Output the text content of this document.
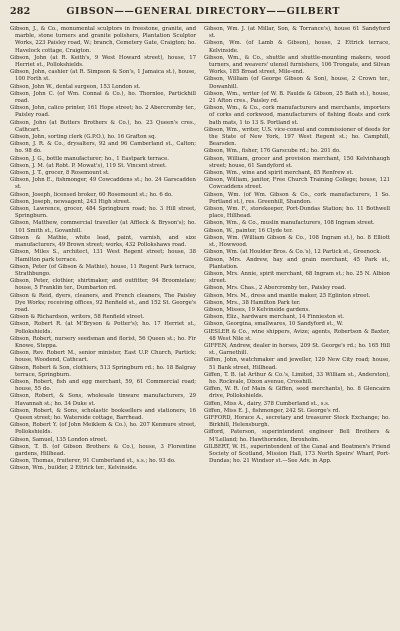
282	GIBSON——GENERAL DIRECTORY——GILBERT
Gibson, J., & Co., monumental sculptors in freestone, granite, and marble, stone turners and granite polishers, Plantation Sculptor Works, 223 Paisley road, W.; branch, Cemetery Gate, Craigton; ho. Havelock cottage, Craigton.
Gibson, John (at R. Keith's, 9 West Howard street), house, 17 Herriet st., Pollokshields.
Gibson, John, cashier (at R. Simpson & Son's, 1 Jamaica st.), house, 100 Forth st.
Gibson, John W., dental surgeon, 153 London st.
Gibson, John C. (of Wm. Connal & Co.), ho. Thornlee, Partickhill road.
Gibson, John, calico printer, 161 Hope street; ho. 2 Abercromby ter., Paisley road.
Gibson, John (at Butters Brothers & Co.), ho. 23 Queen's cres., Cathcart.
Gibson, John, sorting clerk (G.P.O.), ho. 16 Grafton sq.
Gibson, J. R. & Co., drysalters, 92 and 96 Camberland st., Calton; ho. 98 do.
Gibson, J. G., bottle manufacturer; ho., 1 Eastpark terrace.
Gibson, J. M. (at Robt. P. Mowat's), 119 St. Vincent street.
Gibson, J. T., grocer, 8 Rosemount st.
Gibson, John E., fishmonger, 49 Cowcaddens st.; ho. 24 Garscadden st.
Gibson, Joseph, licensed broker, 60 Rosemount st.; ho. 6 do.
Gibson, Joseph, newsagent, 243 High street.
Gibson, Lawrence, grocer, 484 Springburn road; ho. 3 Hill street, Springburn.
Gibson, Matthew, commercial traveller (at Affleck & Bryson's); ho. 101 Smith st., Govanhill.
Gibson & Mathie, white lead, paint, varnish, and size manufacturers, 49 Brown street; works, 432 Pollokshaws road.
Gibson, Miles S., architect, 131 West Regent street; house, 38 Hamilton park terrace.
Gibson, Peter (of Gibson & Mathie), house, 11 Regent Park terrace, Strathbungo.
Gibson, Peter, clothier, shirtmaker, and outfitter, 94 Broomielaw; house, 5 Franklin ter., Dumbarton rd.
Gibson & Reid, dyers, cleaners, and French cleaners, The Paisley Dye Works; receiving offices, 92 Renfield st., and 152 St. George's road.
Gibson & Richardson, writers, 58 Renfield street.
Gibson, Robert R. (at M'Bryson & Potter's); ho. 17 Herriet st., Pollokshields.
Gibson, Robert, nursery seedsman and florist, 56 Queen st.; ho. Fir Knowe, Steppa.
Gibson, Rev. Robert M., senior minister, East U.P. Church, Partick; house, Woodend, Cathcart.
Gibson, Robert & Son, clothiers, 513 Springburn rd.; ho. 18 Balgray terrace, Springburn.
Gibson, Robert, fish and egg merchant, 59, 61 Commercial road; house, 55 do.
Gibson, Robert, & Sons, wholesale tinware manufacturers, 29 Havannah st.; ho. 34 Duke st.
Gibson, Robert, & Sons, scholastic booksellers and stationers, 16 Queen street; ho. Waterside cottage, Barrhead.
Gibson, Robert Y. (of John Meiklem & Co.), ho. 207 Kenmure street, Pollokshields.
Gibson, Samuel, 135 London street.
Gibson, T. B. (of Gibson Brothers & Co.), house, 3 Florentine gardens, Hillhead.
Gibson, Thomas, fruiterer, 91 Cumberland st., s.s.; ho. 93 do.
Gibson, Wm., builder, 2 Ettrick ter., Kelvinside.
Gibson, Wm. J. (at Millar, Son, & Torrance's), house 61 Sandyford st.
Gibson, Wm. (of Lamb & Gibson), house, 2 Ettrick terrace, Kelvinside.
Gibson, Wm., & Co., shuttle and shuttle-mounting makers, wood turners, and weavers' utensil furnishers, 106 Trongate, and Silvan Works, 185 Broad street, Mile-end.
Gibson, William (of George Gibson & Son), house, 2 Crown ter., Dowanhill.
Gibson, Wm., writer (of W. B. Faulds & Gibson, 25 Bath st.), house, 21 Afton cres., Paisley rd.
Gibson, Wm., & Co., cork manufacturers and merchants, importers of corks and corkwood, manufacturers of fishing floats and cork bath mats, 1 to 13 S. Portland st.
Gibson, Wm., writer, U.S. vice-consul and commissioner of deeds for the State of New York, 197 West Regent st.; ho. Camphill, Bearsden.
Gibson, Wm., fisher, 176 Garscube rd.; ho. 201 do.
Gibson, William, grocer and provision merchant, 150 Kelvinhaugh street; house, 61 Sandyford st.
Gibson, Wm., wine and spirit merchant, 85 Renfrew st.
Gibson, William, janitor, Free Church Training College; house, 121 Cowcaddens street.
Gibson, Wm. (of Wm. Gibson & Co., cork manufacturers, 1 So. Portland st.), res. Greenhill, Shandon.
Gibson, Wm. F., storekeeper, Port-Dundas Station; ho. 11 Bothwell place, Hillhead.
Gibson, Wm., & Co., muslin manufacturers, 108 Ingram street.
Gibson, W., painter, 16 Clyde ter.
Gibson, Wm. (William Gibson & Co., 108 Ingram st.), ho. 8 Elliott st., Howwood.
Gibson, Wm. (at Houlder Bros. & Co.'s), 12 Partick st., Greenock.
Gibson, Mrs. Andrew, hay and grain merchant, 45 Park st., Plantation.
Gibson, Mrs. Annie, spirit merchant, 68 Ingram st.; ho. 25 N. Albion street.
Gibson, Mrs. Chas., 2 Abercromby ter., Paisley road.
Gibson, Mrs. M., dress and mantle maker, 25 Eglinton street.
Gibson, Mrs., 38 Hamilton Park ter.
Gibson, Misses, 19 Kelvinside gardens.
Gibson, Eliz., hardware merchant, 14 Finnieston st.
Gibson, Georgina, smallwares, 10 Sandyford st., W.
GIESLER & Co., wine shippers, Avize; agents, Robertson & Baxter, 48 West Nile st.
GIFFEN, Andrew, dealer in horses, 209 St. George's rd.; ho. 165 Hill st., Garnethill.
Giffen, John, watchmaker and jeweller, 129 New City road; house, 51 Bank street, Hillhead.
Giffen, T. B. (at Arthur & Co.'s, Limited, 33 William st., Anderston), ho. Rockvale, Dixon avenue, Crosshill.
Giffen, W. R. (of Main & Giffen, seed merchants), ho. 8 Glencairn drive, Pollokshields.
Giffen, Miss A., dairy, 378 Cumberland st., s.s.
Giffen, Miss E. J., fishmonger, 242 St. George's rd.
GIFFORD, Horace A., secretary and treasurer Stock Exchange; ho. Birkhill, Helensburgh.
Gifford, Paterson, superintendent engineer Bell Brothers & M'Lelland; ho. Hawthornden, Ibroxholm.
GILBERT, W. H., superintendent of the Canal and Boatmen's Friend Society of Scotland, Mission Hall, 173 North Speirs' Wharf, Port-Dundas; ho. 21 Windsor st.—See Adv. in App.
